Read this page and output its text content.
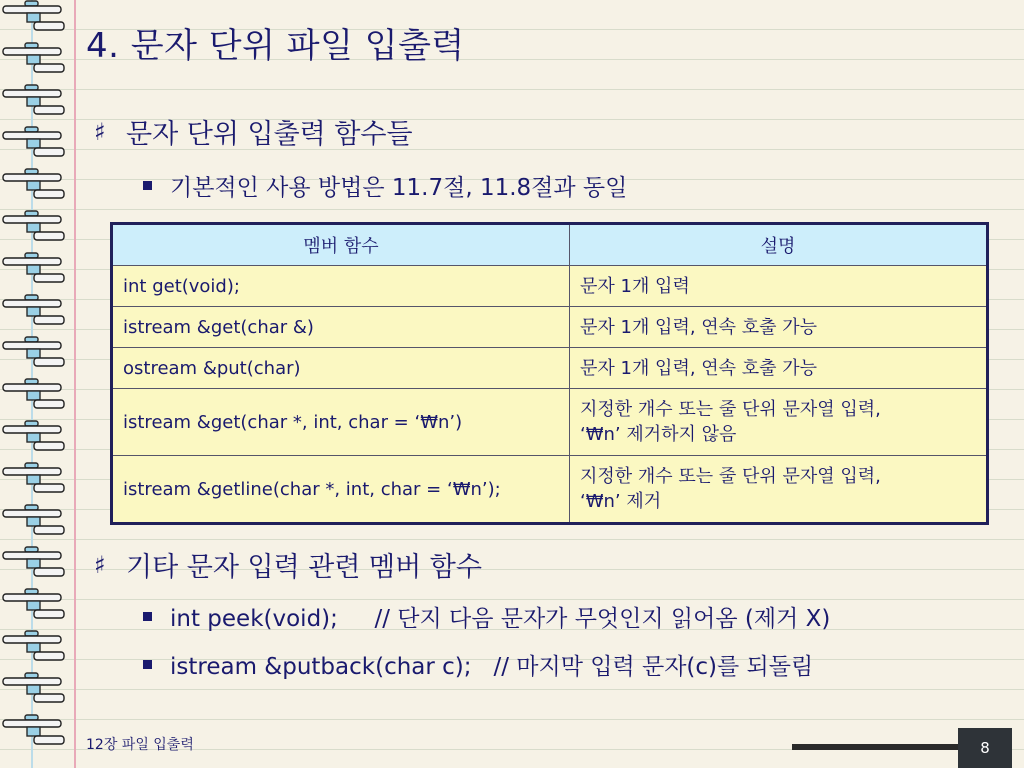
4. 문자 단위 파일 입출력
♯ 문자 단위 입출력 함수들
기본적인 사용 방법은 11.7절, 11.8절과 동일
멤버 함수	설명
int get(void);	문자 1개 입력
istream &get(char &)	문자 1개 입력, 연속 호출 가능
ostream &put(char)	문자 1개 입력, 연속 호출 가능
istream &get(char *, int, char = ‘₩n’)	지정한 개수 또는 줄 단위 문자열 입력,
‘₩n’ 제거하지 않음

istream &getline(char *, int, char = ‘₩n’);	지정한 개수 또는 줄 단위 문자열 입력,
‘₩n’ 제거
♯ 기타 문자 입력 관련 멤버 함수
int peek(void);     // 단지 다음 문자가 무엇인지 읽어옴 (제거 X)
istream &putback(char c);   // 마지막 입력 문자(c)를 되돌림
12장 파일 입출력	8
